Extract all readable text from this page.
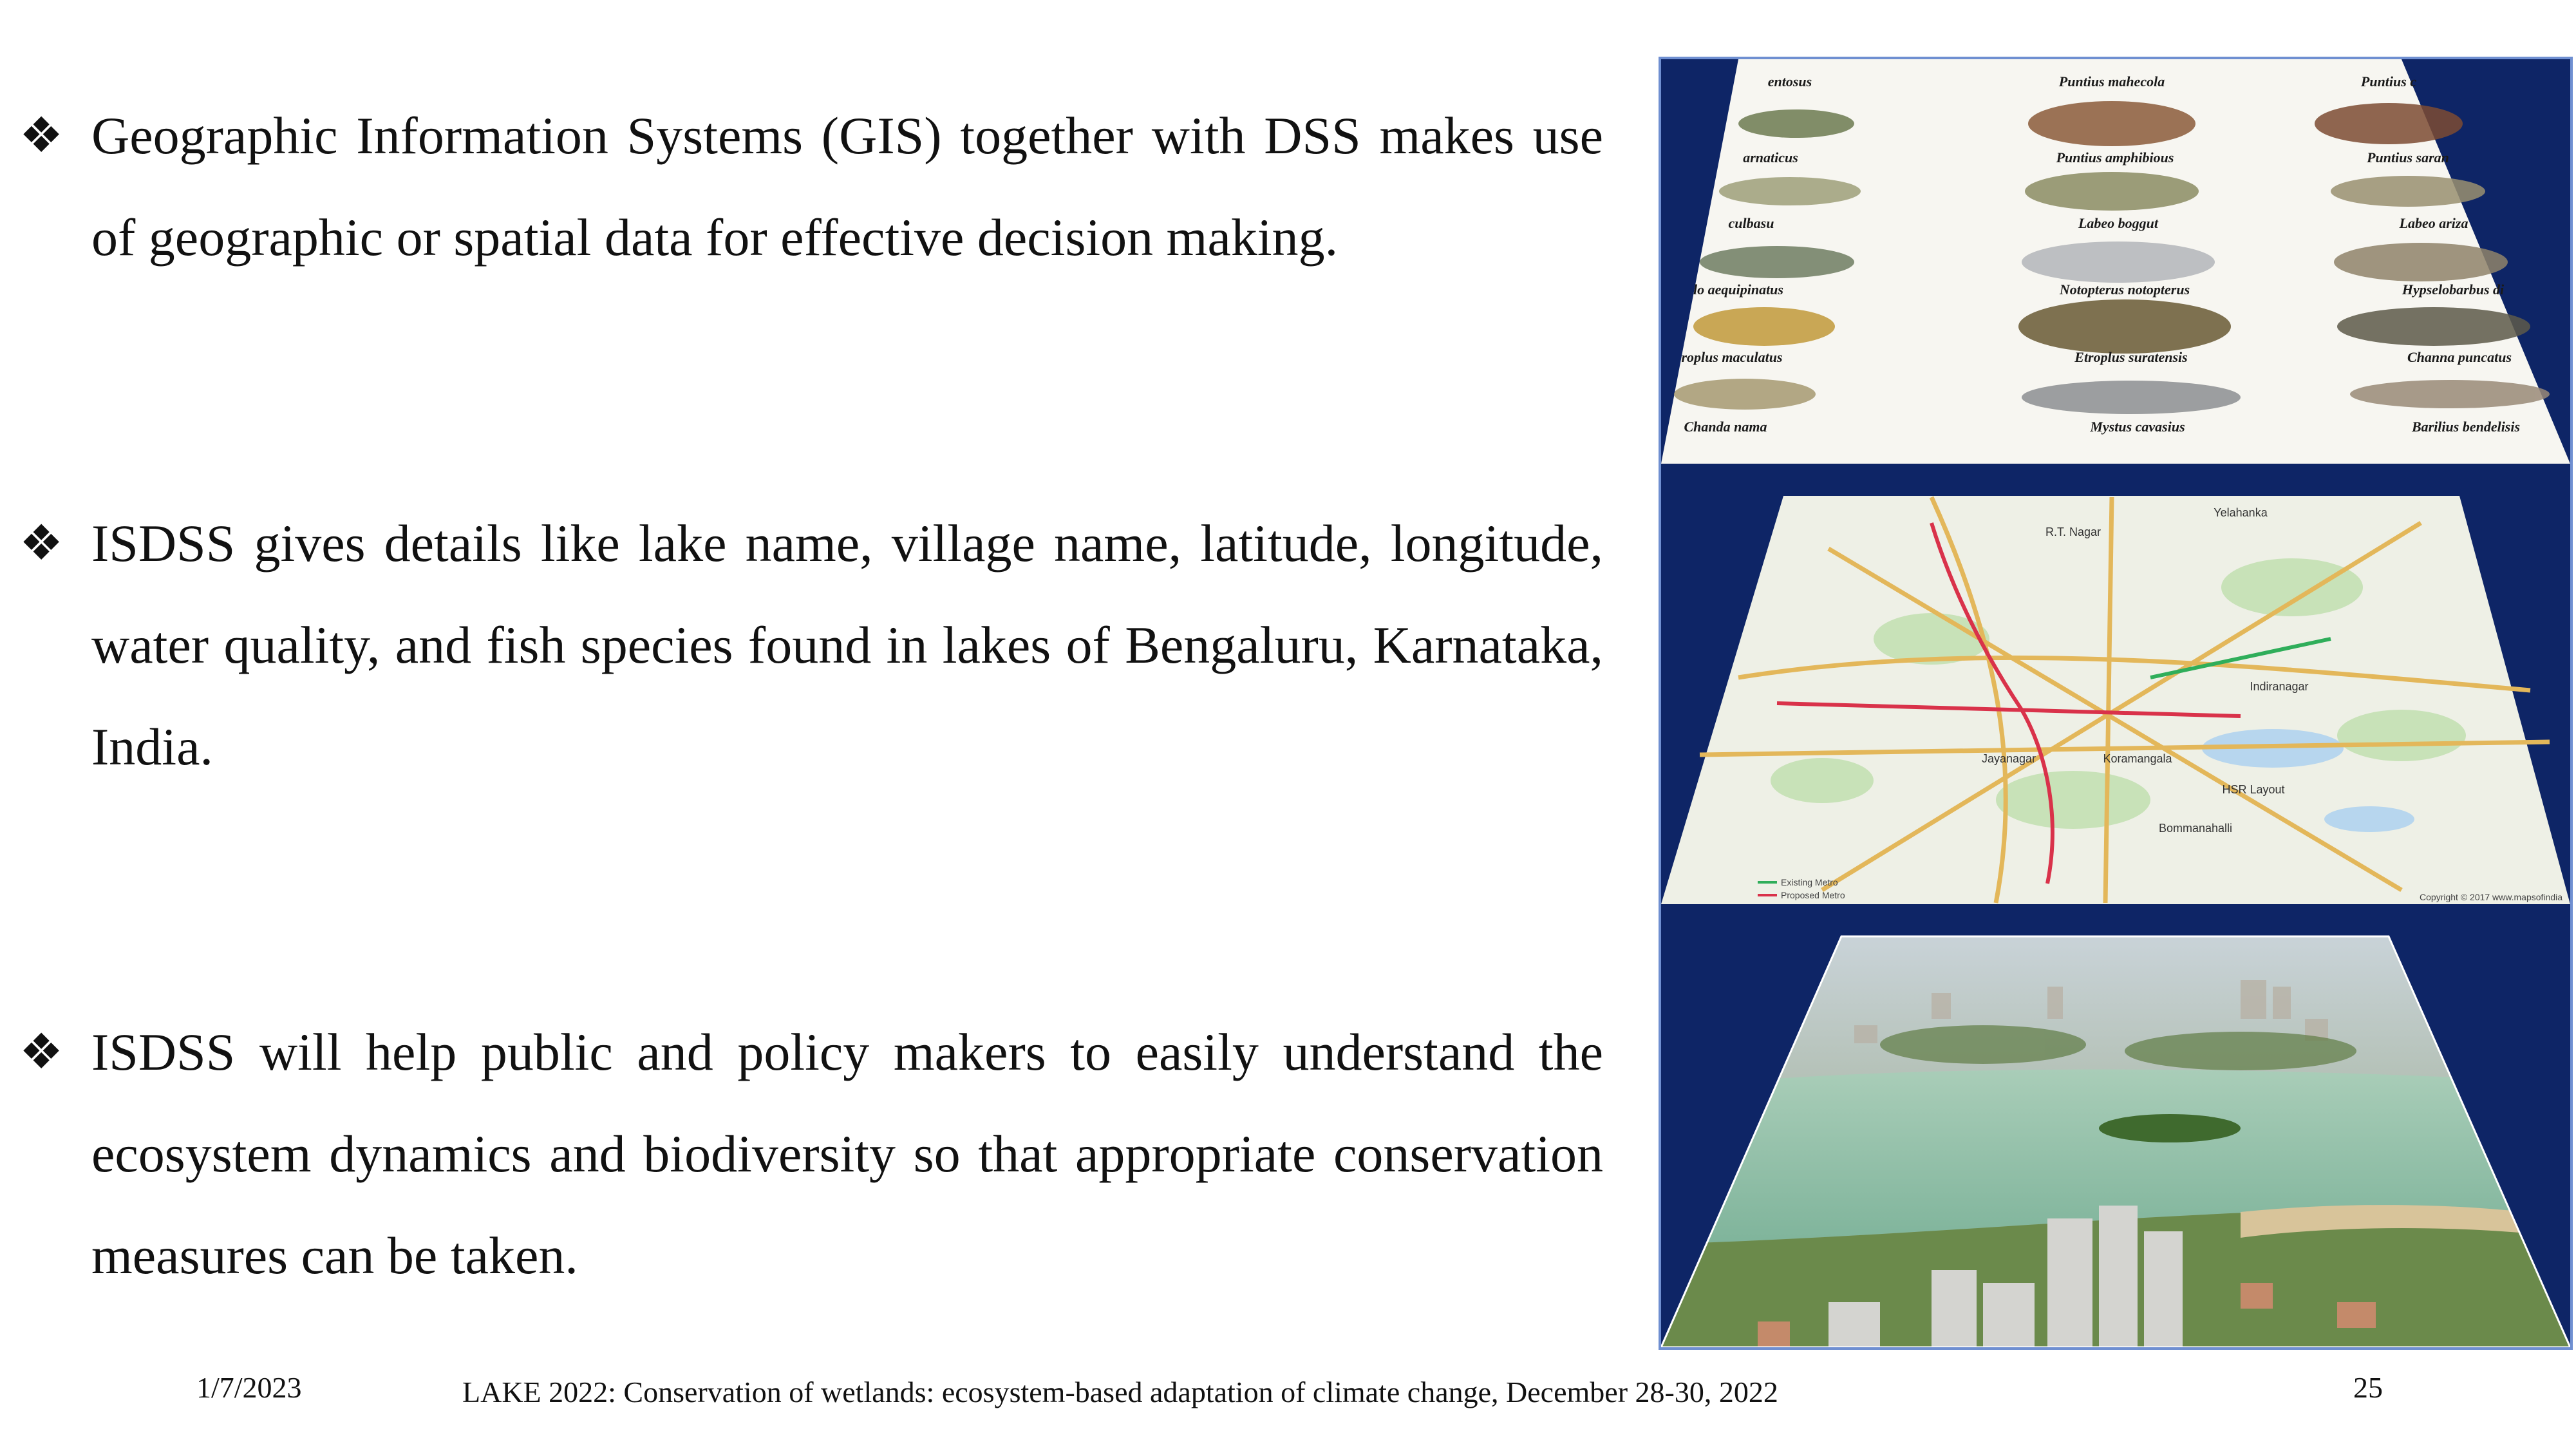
❖ Geographic Information Systems (GIS) together with DSS makes use of geographic or spatial data for effective decision making.
❖ ISDSS gives details like lake name, village name, latitude, longitude, water quality, and fish species found in lakes of Bengaluru, Karnataka, India.
❖ ISDSS will help public and policy makers to easily understand the ecosystem dynamics and biodiversity so that appropriate conservation measures can be taken.
entosus	Puntius mahecola	Puntius c
arnaticus	Puntius amphibious	Puntius saran
culbasu	Labeo boggut	Labeo ariza
lo aequipinatus	Notopterus notopterus	Hypselobarbus di
roplus maculatus	Etroplus suratensis	Channa puncatus
Chanda nama	Mystus cavasius	Barilius bendelisis
R.T. Nagar
Jayanagar	Koramangala
HSR Layout
Yelahanka
Indiranagar
Bommanahalli
Existing Metro
Proposed Metro	Copyright © 2017 www.mapsofindia
1/7/2023	LAKE 2022: Conservation of wetlands: ecosystem-based adaptation of climate change, December 28-30, 2022	25
